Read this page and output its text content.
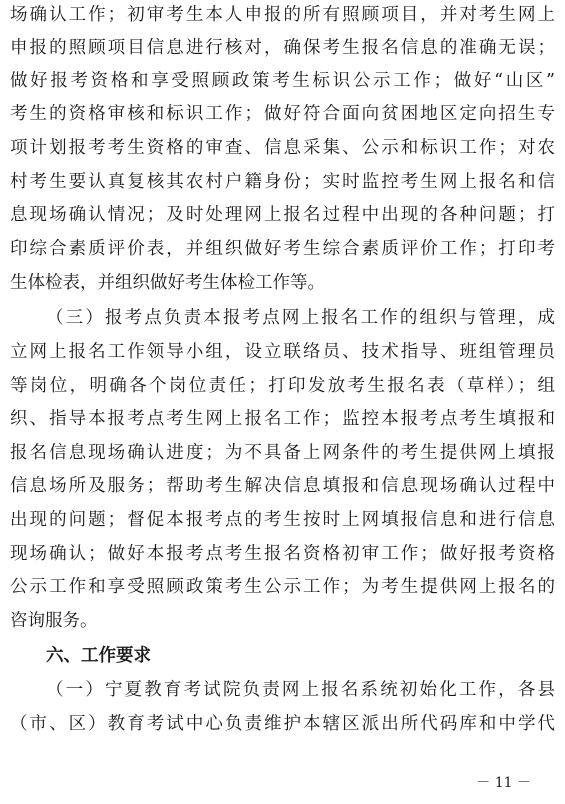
场确认工作；初审考生本人申报的所有照顾项目，并对考生网上
申报的照顾项目信息进行核对，确保考生报名信息的准确无误；
做好报考资格和享受照顾政策考生标识公示工作；做好“山区”
考生的资格审核和标识工作；做好符合面向贫困地区定向招生专
项计划报考考生资格的审查、信息采集、公示和标识工作；对农
村考生要认真复核其农村户籍身份；实时监控考生网上报名和信
息现场确认情况；及时处理网上报名过程中出现的各种问题；打
印综合素质评价表，并组织做好考生综合素质评价工作；打印考
生体检表，并组织做好考生体检工作等。
（三）报考点负责本报考点网上报名工作的组织与管理，成
立网上报名工作领导小组，设立联络员、技术指导、班组管理员
等岗位，明确各个岗位责任；打印发放考生报名表（草样）；组
织、指导本报考点考生网上报名工作；监控本报考点考生填报和
报名信息现场确认进度；为不具备上网条件的考生提供网上填报
信息场所及服务；帮助考生解决信息填报和信息现场确认过程中
出现的问题；督促本报考点的考生按时上网填报信息和进行信息
现场确认；做好本报考点考生报名资格初审工作；做好报考资格
公示工作和享受照顾政策考生公示工作；为考生提供网上报名的
咨询服务。
六、工作要求
（一）宁夏教育考试院负责网上报名系统初始化工作，各县
（市、区）教育考试中心负责维护本辖区派出所代码库和中学代
－ 11 －
